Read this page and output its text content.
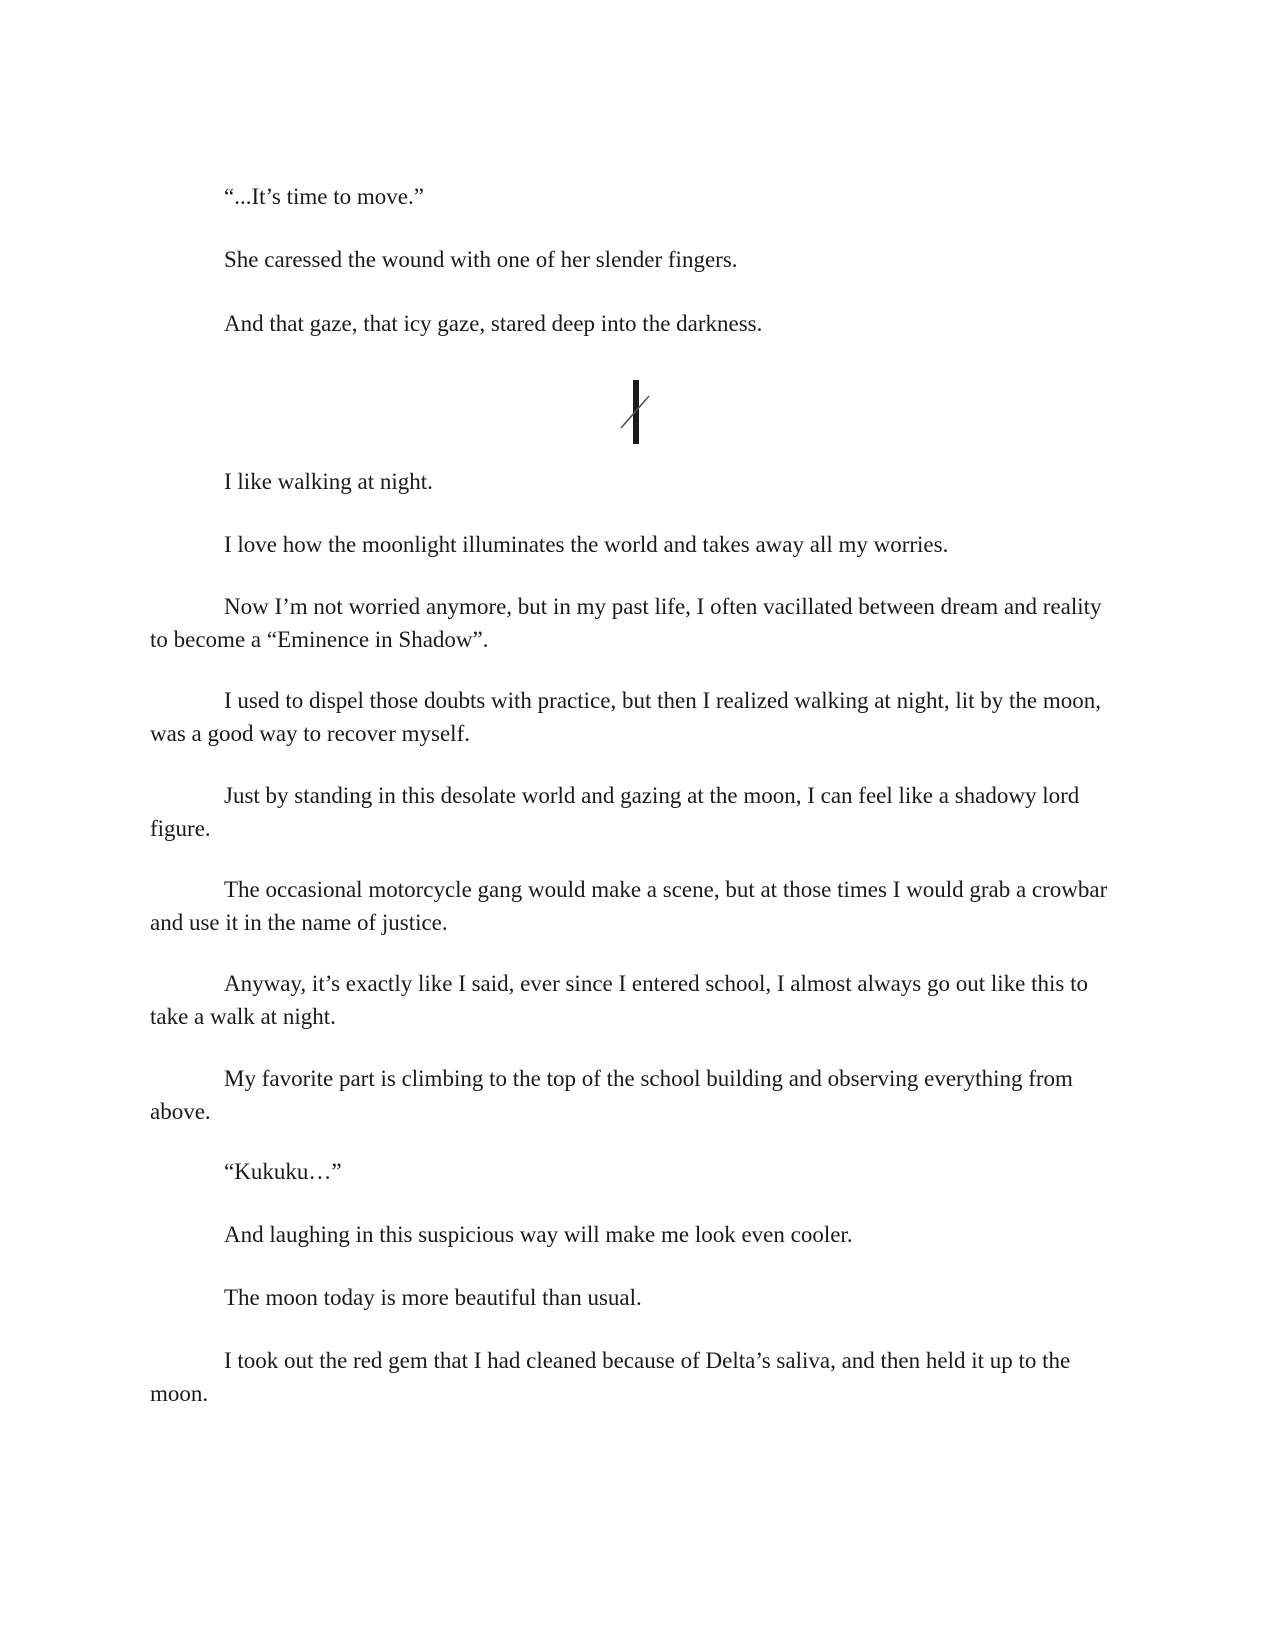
“...It’s time to move.”

She caressed the wound with one of her slender fingers.

And that gaze, that icy gaze, stared deep into the darkness.

I like walking at night.

I love how the moonlight illuminates the world and takes away all my worries.

Now I’m not worried anymore, but in my past life, I often vacillated between dream and reality to become a “Eminence in Shadow”.

I used to dispel those doubts with practice, but then I realized walking at night, lit by the moon, was a good way to recover myself.

Just by standing in this desolate world and gazing at the moon, I can feel like a shadowy lord figure.

The occasional motorcycle gang would make a scene, but at those times I would grab a crowbar and use it in the name of justice.

Anyway, it’s exactly like I said, ever since I entered school, I almost always go out like this to take a walk at night.

My favorite part is climbing to the top of the school building and observing everything from above.

“Kukuku…”

And laughing in this suspicious way will make me look even cooler.

The moon today is more beautiful than usual.

I took out the red gem that I had cleaned because of Delta’s saliva, and then held it up to the moon.
